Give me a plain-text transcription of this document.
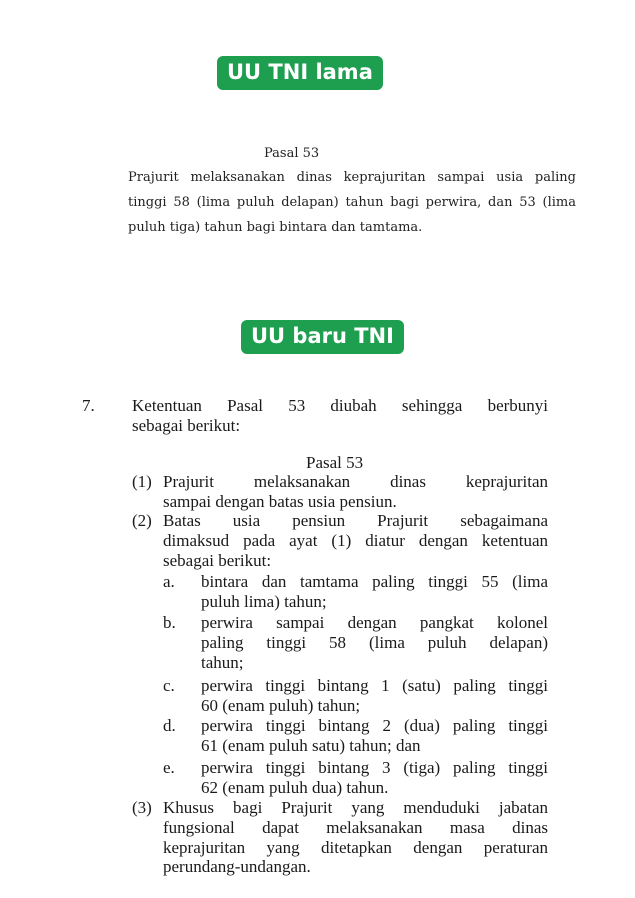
UU TNI lama
Pasal 53
Prajurit melaksanakan dinas keprajuritan sampai usia paling
tinggi 58 (lima puluh delapan) tahun bagi perwira, dan 53 (lima
puluh tiga) tahun bagi bintara dan tamtama.
UU baru TNI
7. Ketentuan Pasal 53 diubah sehingga berbunyi
sebagai berikut:
Pasal 53
(1) Prajurit melaksanakan dinas keprajuritan
sampai dengan batas usia pensiun.
(2) Batas usia pensiun Prajurit sebagaimana
dimaksud pada ayat (1) diatur dengan ketentuan
sebagai berikut:
a. bintara dan tamtama paling tinggi 55 (lima
puluh lima) tahun;
b. perwira sampai dengan pangkat kolonel
paling tinggi 58 (lima puluh delapan)
tahun;
c. perwira tinggi bintang 1 (satu) paling tinggi
60 (enam puluh) tahun;
d. perwira tinggi bintang 2 (dua) paling tinggi
61 (enam puluh satu) tahun; dan
e. perwira tinggi bintang 3 (tiga) paling tinggi
62 (enam puluh dua) tahun.
(3) Khusus bagi Prajurit yang menduduki jabatan
fungsional dapat melaksanakan masa dinas
keprajuritan yang ditetapkan dengan peraturan
perundang-undangan.
